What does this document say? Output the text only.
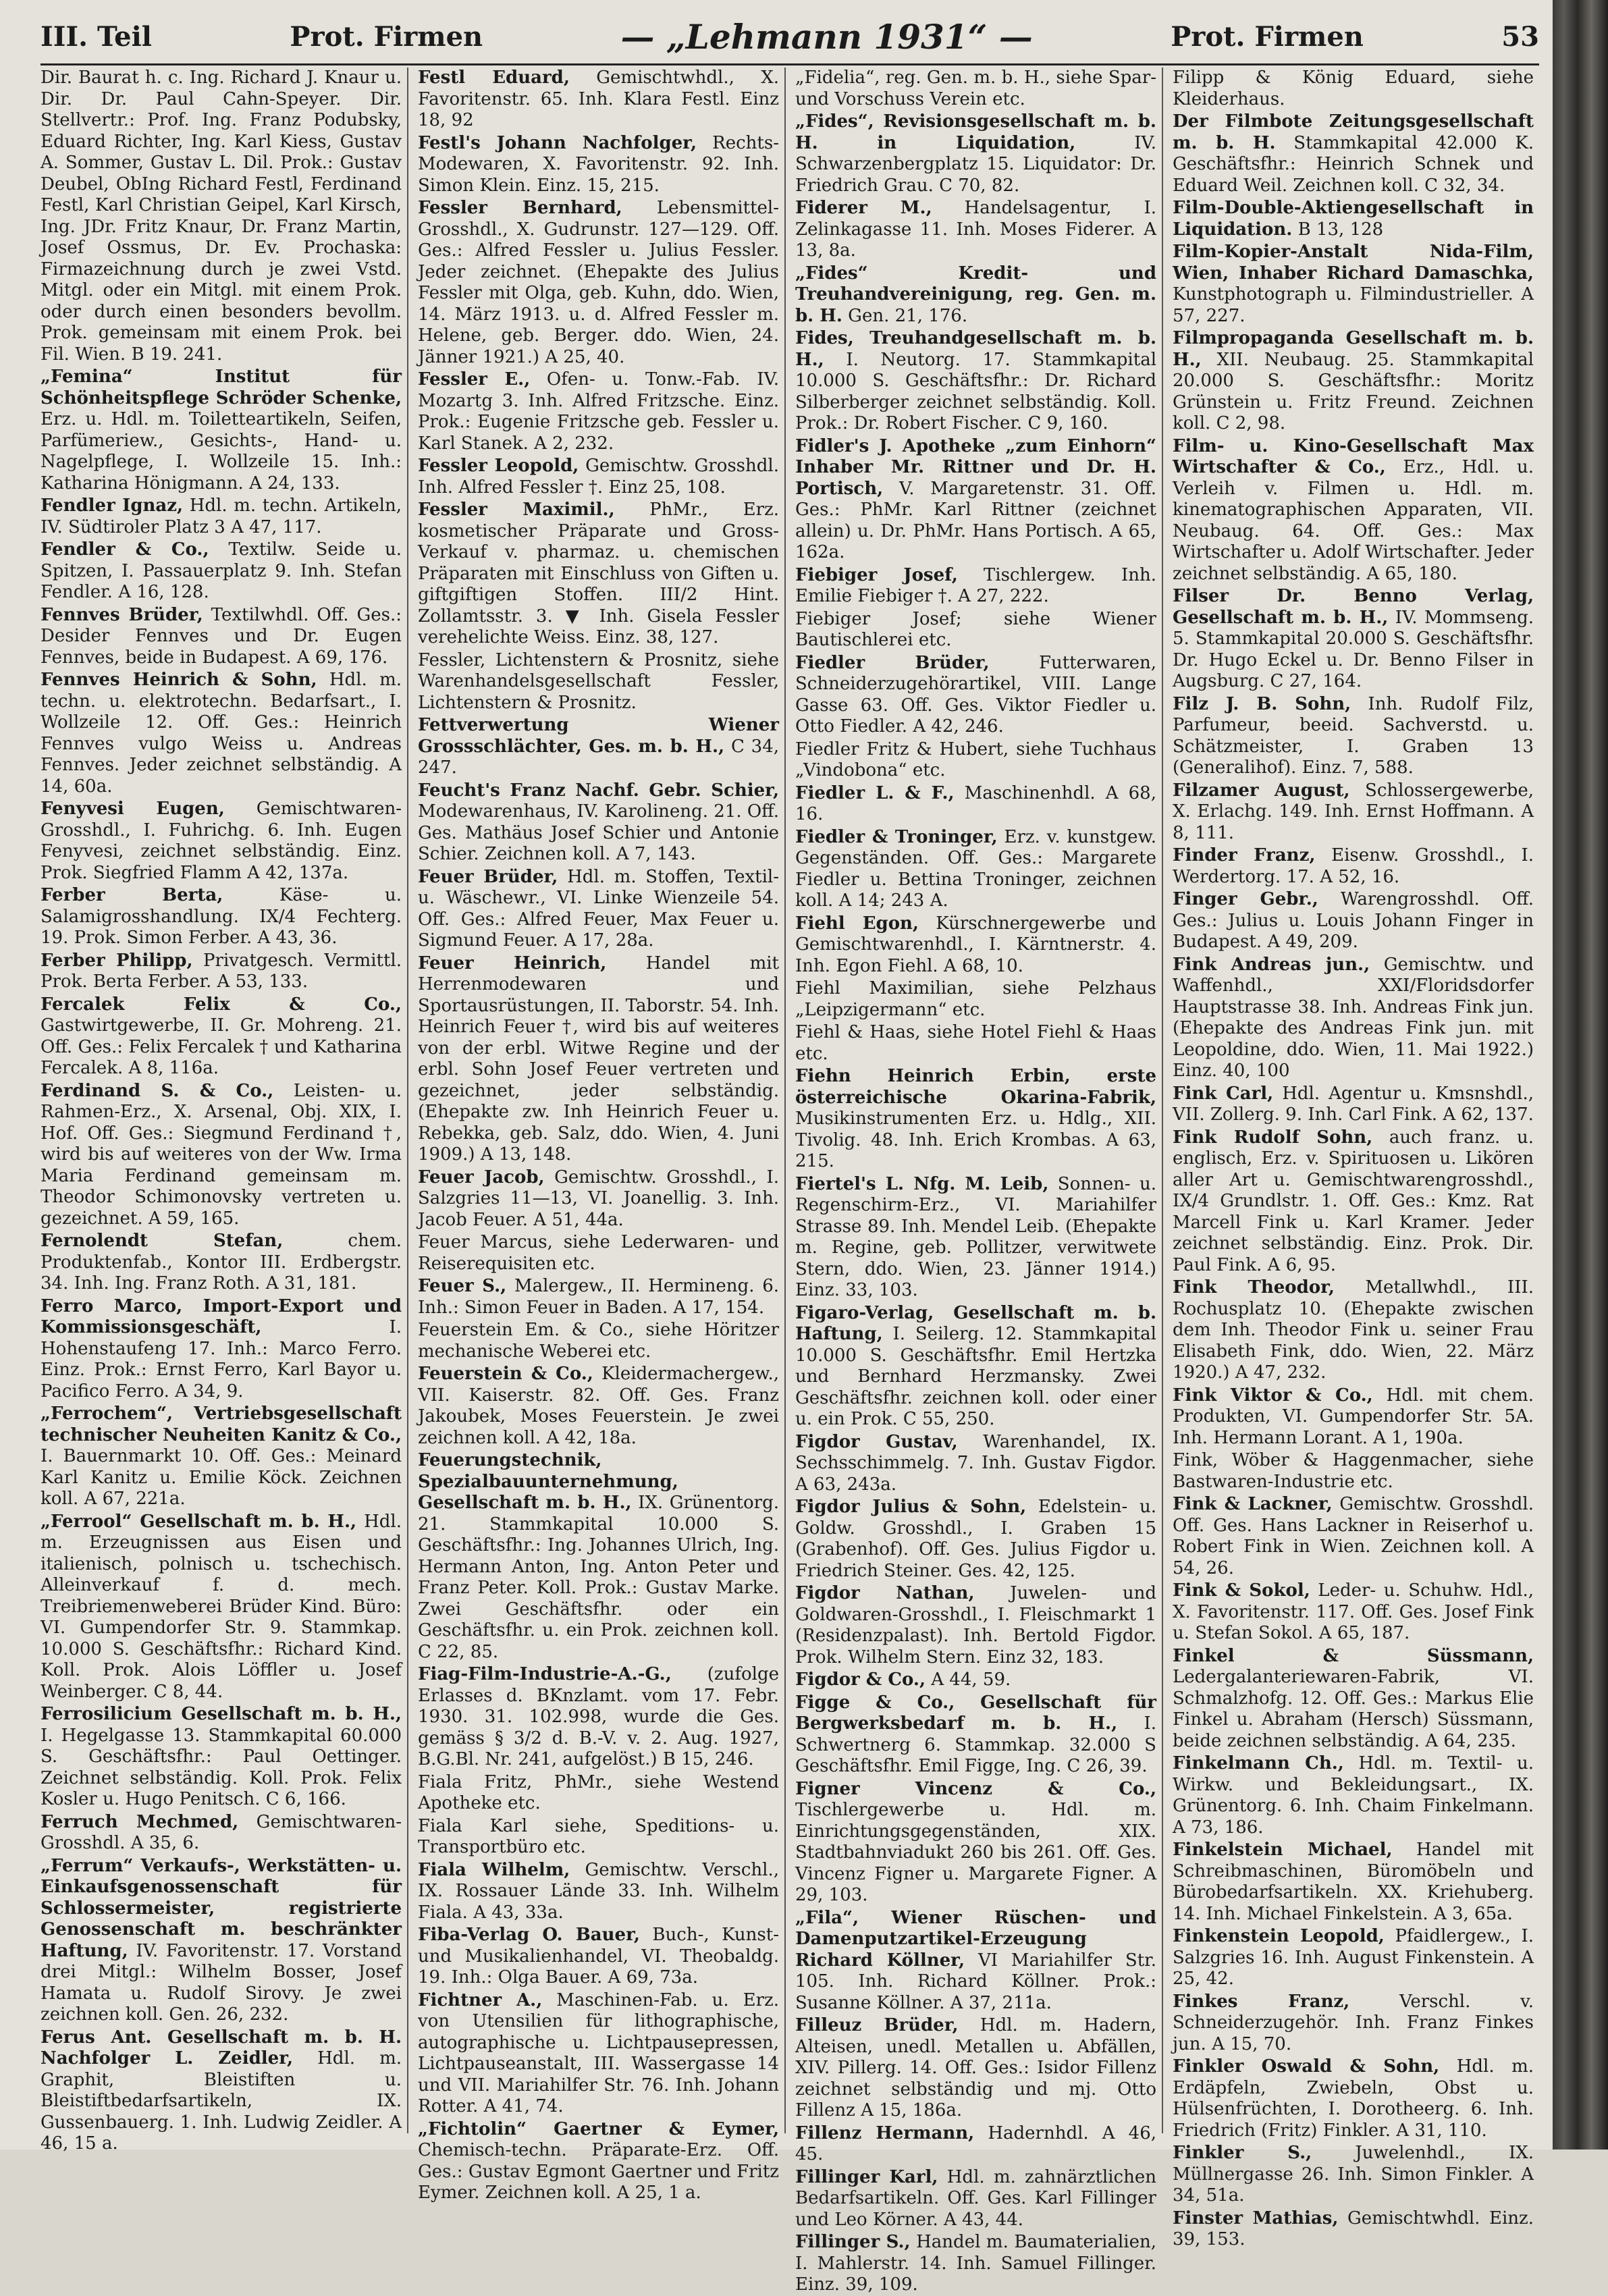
III. Teil	Prot. Firmen	— „Lehmann 1931“ —	Prot. Firmen	53

Dir. Baurat h. c. Ing. Richard J. Knaur u. Dir. Dr. Paul Cahn-Speyer. Dir. Stellvertr.: Prof. Ing. Franz Podubsky, Eduard Richter, Ing. Karl Kiess, Gustav A. Sommer, Gustav L. Dil. Prok.: Gustav Deubel, ObIng Richard Festl, Ferdinand Festl, Karl Christian Geipel, Karl Kirsch, Ing. JDr. Fritz Knaur, Dr. Franz Martin, Josef Ossmus, Dr. Ev. Prochaska: Firmazeichnung durch je zwei Vstd. Mitgl. oder ein Mitgl. mit einem Prok. oder durch einen besonders bevollm. Prok. gemeinsam mit einem Prok. bei Fil. Wien. B 19. 241.

„Femina“ Institut für Schönheitspflege Schröder Schenke, Erz. u. Hdl. m. Toiletteartikeln, Seifen, Parfümeriew., Gesichts-, Hand- u. Nagelpflege, I. Wollzeile 15. Inh.: Katharina Hönigmann. A 24, 133.

Fendler Ignaz, Hdl. m. techn. Artikeln, IV. Südtiroler Platz 3 A 47, 117.

Fendler & Co., Textilw. Seide u. Spitzen, I. Passauerplatz 9. Inh. Stefan Fendler. A 16, 128.

Fennves Brüder, Textilwhdl. Off. Ges.: Desider Fennves und Dr. Eugen Fennves, beide in Budapest. A 69, 176.

Fennves Heinrich & Sohn, Hdl. m. techn. u. elektrotechn. Bedarfsart., I. Wollzeile 12. Off. Ges.: Heinrich Fennves vulgo Weiss u. Andreas Fennves. Jeder zeichnet selbständig. A 14, 60a.

Fenyvesi Eugen, Gemischtwaren-Grosshdl., I. Fuhrichg. 6. Inh. Eugen Fenyvesi, zeichnet selbständig. Einz. Prok. Siegfried Flamm A 42, 137a.

Ferber Berta,	Käse- u. Salamigrosshandlung. IX/4 Fechterg. 19. Prok. Simon Ferber. A 43, 36.

Ferber Philipp, Privatgesch. Vermittl. Prok. Berta Ferber. A 53, 133.

Fercalek Felix & Co., Gastwirtgewerbe, II. Gr. Mohreng. 21. Off. Ges.: Felix Fercalek † und Katharina Fercalek. A 8, 116a.

Ferdinand S. & Co., Leisten- u. Rahmen-Erz., X. Arsenal, Obj. XIX, I. Hof. Off. Ges.: Siegmund Ferdinand †, wird bis auf weiteres von der Ww. Irma Maria Ferdinand gemeinsam m. Theodor Schimonovsky vertreten u. gezeichnet. A 59, 165.

Fernolendt Stefan,	chem. Produktenfab., Kontor III. Erdbergstr. 34. Inh. Ing. Franz Roth. A 31, 181.

Ferro Marco, Import-Export und Kommissionsgeschäft,	I. Hohenstaufeng 17. Inh.: Marco Ferro. Einz. Prok.: Ernst Ferro, Karl Bayor u. Pacifico Ferro. A 34, 9.

„Ferrochem“, Vertriebsgesellschaft technischer Neuheiten Kanitz & Co., I. Bauernmarkt 10. Off. Ges.: Meinard Karl Kanitz u. Emilie Köck. Zeichnen koll. A 67, 221a.

„Ferrool“ Gesellschaft m. b. H., Hdl. m. Erzeugnissen aus Eisen und italienisch, polnisch u. tschechisch. Alleinverkauf f. d. mech. Treibriemenweberei Brüder Kind. Büro: VI. Gumpendorfer Str. 9. Stammkap. 10.000 S. Geschäftsfhr.: Richard Kind. Koll. Prok. Alois Löffler u. Josef Weinberger. C 8, 44.

Ferrosilicium Gesellschaft m. b. H., I. Hegelgasse 13. Stammkapital 60.000 S. Geschäftsfhr.: Paul Oettinger. Zeichnet selbständig. Koll. Prok. Felix Kosler u. Hugo Penitsch. C 6, 166.

Ferruch Mechmed, Gemischtwaren-Grosshdl. A 35, 6.

„Ferrum“ Verkaufs-, Werkstätten- u. Einkaufsgenossenschaft für Schlossermeister, registrierte Genossenschaft m. beschränkter Haftung, IV. Favoritenstr. 17. Vorstand drei Mitgl.: Wilhelm Bosser, Josef Hamata u. Rudolf Sirovy. Je zwei zeichnen koll. Gen. 26, 232.

Ferus Ant. Gesellschaft m. b. H. Nachfolger L. Zeidler, Hdl. m. Graphit, Bleistiften u. Bleistiftbedarfsartikeln, IX. Gussenbauerg. 1. Inh. Ludwig Zeidler. A 46, 15 a.

Festl Eduard, Gemischtwhdl., X. Favoritenstr. 65. Inh. Klara Festl. Einz 18, 92

Festl's Johann Nachfolger, Rechts-Modewaren, X. Favoritenstr. 92. Inh. Simon Klein. Einz. 15, 215.

Fessler Bernhard, Lebensmittel-Grosshdl., X. Gudrunstr. 127—129. Off. Ges.: Alfred Fessler u. Julius Fessler. Jeder zeichnet. (Ehepakte des Julius Fessler mit Olga, geb. Kuhn, ddo. Wien, 14. März 1913. u. d. Alfred Fessler m. Helene, geb. Berger. ddo. Wien, 24. Jänner 1921.) A 25, 40.

Fessler E., Ofen- u. Tonw.-Fab. IV. Mozartg 3. Inh. Alfred Fritzsche. Einz. Prok.: Eugenie Fritzsche geb. Fessler u. Karl Stanek. A 2, 232.

Fessler Leopold, Gemischtw. Grosshdl. Inh. Alfred Fessler †. Einz 25, 108.

Fessler Maximil., PhMr., Erz. kosmetischer Präparate und Gross-Verkauf v. pharmaz. u. chemischen Präparaten mit Einschluss von Giften u. giftgiftigen Stoffen. III/2 Hint. Zollamtsstr. 3. ▼ Inh. Gisela Fessler verehelichte Weiss. Einz. 38, 127.

Fessler, Lichtenstern & Prosnitz, siehe Warenhandelsgesellschaft Fessler, Lichtenstern & Prosnitz.

Fettverwertung Wiener Grossschlächter, Ges. m. b. H., C 34, 247.

Feucht's Franz Nachf. Gebr. Schier, Modewarenhaus, IV. Karolineng. 21. Off. Ges. Mathäus Josef Schier und Antonie Schier. Zeichnen koll. A 7, 143.

Feuer Brüder, Hdl. m. Stoffen, Textil- u. Wäschewr., VI. Linke Wienzeile 54. Off. Ges.: Alfred Feuer, Max Feuer u. Sigmund Feuer. A 17, 28a.

Feuer Heinrich, Handel mit Herrenmodewaren und Sportausrüstungen, II. Taborstr. 54. Inh. Heinrich Feuer †, wird bis auf weiteres von der erbl. Witwe Regine und der erbl. Sohn Josef Feuer vertreten und gezeichnet, jeder selbständig. (Ehepakte zw. Inh Heinrich Feuer u. Rebekka, geb. Salz, ddo. Wien, 4. Juni 1909.) A 13, 148.

Feuer Jacob, Gemischtw. Grosshdl., I. Salzgries 11—13, VI. Joanellig. 3. Inh. Jacob Feuer. A 51, 44a.

Feuer Marcus, siehe Lederwaren- und Reiserequisiten etc.

Feuer S., Malergew., II. Hermineng. 6. Inh.: Simon Feuer in Baden. A 17, 154.

Feuerstein Em. & Co., siehe Höritzer mechanische Weberei etc.

Feuerstein & Co., Kleidermachergew., VII. Kaiserstr. 82. Off. Ges. Franz Jakoubek, Moses Feuerstein. Je zwei zeichnen koll. A 42, 18a.

Feuerungstechnik, Spezialbauunternehmung, Gesellschaft m. b. H., IX. Grünentorg. 21. Stammkapital 10.000 S. Geschäftsfhr.: Ing. Johannes Ulrich, Ing. Hermann Anton, Ing. Anton Peter und Franz Peter. Koll. Prok.: Gustav Marke. Zwei Geschäftsfhr. oder ein Geschäftsfhr. u. ein Prok. zeichnen koll. C 22, 85.

Fiag-Film-Industrie-A.-G., (zufolge Erlasses d. BKnzlamt. vom 17. Febr. 1930. 31. 102.998, wurde die Ges. gemäss § 3/2 d. B.-V. v. 2. Aug. 1927, B.G.Bl. Nr. 241, aufgelöst.) B 15, 246.

Fiala Fritz, PhMr., siehe Westend Apotheke etc.

Fiala Karl siehe, Speditions- u. Transportbüro etc.

Fiala Wilhelm, Gemischtw. Verschl., IX. Rossauer Lände 33. Inh. Wilhelm Fiala. A 43, 33a.

Fiba-Verlag O. Bauer, Buch-, Kunst- und Musikalienhandel, VI. Theobaldg. 19. Inh.: Olga Bauer. A 69, 73a.

Fichtner A., Maschinen-Fab. u. Erz. von Utensilien für lithographische, autographische u. Lichtpausepressen, Lichtpauseanstalt, III. Wassergasse 14 und VII. Mariahilfer Str. 76. Inh. Johann Rotter. A 41, 74.

„Fichtolin“ Gaertner & Eymer, Chemisch-techn. Präparate-Erz. Off. Ges.: Gustav Egmont Gaertner und Fritz Eymer. Zeichnen koll. A 25, 1 a.

„Fidelia“, reg. Gen. m. b. H., siehe Spar- und Vorschuss Verein etc.

„Fides“, Revisionsgesellschaft m. b. H. in Liquidation,	IV. Schwarzenbergplatz 15. Liquidator: Dr. Friedrich Grau. C 70, 82.

Fiderer M., Handelsagentur, I. Zelinkagasse 11. Inh. Moses Fiderer. A 13, 8a.

„Fides“ Kredit- und Treuhandvereinigung, reg. Gen. m. b. H. Gen. 21, 176.

Fides, Treuhandgesellschaft m. b. H., I. Neutorg. 17. Stammkapital 10.000 S. Geschäftsfhr.: Dr. Richard Silberberger zeichnet selbständig. Koll. Prok.: Dr. Robert Fischer. C 9, 160.

Fidler's J. Apotheke „zum Einhorn“ Inhaber Mr. Rittner und Dr. H. Portisch, V. Margaretenstr. 31. Off. Ges.: PhMr. Karl Rittner (zeichnet allein) u. Dr. PhMr. Hans Portisch. A 65, 162a.

Fiebiger Josef, Tischlergew. Inh. Emilie Fiebiger †. A 27, 222.

Fiebiger Josef; siehe Wiener Bautischlerei etc.

Fiedler Brüder,	Futterwaren, Schneiderzugehörartikel, VIII. Lange Gasse 63. Off. Ges. Viktor Fiedler u. Otto Fiedler. A 42, 246.

Fiedler Fritz & Hubert, siehe Tuchhaus „Vindobona“ etc.

Fiedler L. & F., Maschinenhdl. A 68, 16.

Fiedler & Troninger, Erz. v. kunstgew. Gegenständen. Off. Ges.: Margarete Fiedler u. Bettina Troninger, zeichnen koll. A 14; 243 A.

Fiehl Egon, Kürschnergewerbe und Gemischtwarenhdl., I. Kärntnerstr. 4. Inh. Egon Fiehl. A 68, 10.

Fiehl Maximilian, siehe Pelzhaus „Leipzigermann“ etc.

Fiehl & Haas, siehe Hotel Fiehl & Haas etc.

Fiehn Heinrich Erbin, erste österreichische Okarina-Fabrik, Musikinstrumenten Erz. u. Hdlg., XII. Tivolig. 48. Inh. Erich Krombas. A 63, 215.

Fiertel's L. Nfg. M. Leib, Sonnen- u. Regenschirm-Erz., VI. Mariahilfer Strasse 89. Inh. Mendel Leib. (Ehepakte m. Regine, geb. Pollitzer, verwitwete Stern, ddo. Wien, 23. Jänner 1914.) Einz. 33, 103.

Figaro-Verlag, Gesellschaft m. b. Haftung, I. Seilerg. 12. Stammkapital 10.000 S. Geschäftsfhr. Emil Hertzka und Bernhard Herzmansky. Zwei Geschäftsfhr. zeichnen koll. oder einer u. ein Prok. C 55, 250.

Figdor Gustav, Warenhandel, IX. Sechsschimmelg. 7. Inh. Gustav Figdor. A 63, 243a.

Figdor Julius & Sohn, Edelstein- u. Goldw. Grosshdl., I. Graben 15 (Grabenhof). Off. Ges. Julius Figdor u. Friedrich Steiner. Ges. 42, 125.

Figdor Nathan, Juwelen- und Goldwaren-Grosshdl., I. Fleischmarkt 1 (Residenzpalast). Inh. Bertold Figdor. Prok. Wilhelm Stern. Einz 32, 183.

Figdor & Co., A 44, 59.

Figge & Co., Gesellschaft für Bergwerksbedarf m. b. H., I. Schwertnerg 6. Stammkap. 32.000 S Geschäftsfhr. Emil Figge, Ing. C 26, 39.

Figner Vincenz & Co., Tischlergewerbe u. Hdl. m. Einrichtungsgegenständen, XIX. Stadtbahnviadukt 260 bis 261. Off. Ges. Vincenz Figner u. Margarete Figner. A 29, 103.

„Fila“, Wiener Rüschen- und Damenputzartikel-Erzeugung Richard Köllner, VI Mariahilfer Str. 105. Inh. Richard Köllner. Prok.: Susanne Köllner. A 37, 211a.

Filleuz Brüder, Hdl. m. Hadern, Alteisen, unedl. Metallen u. Abfällen, XIV. Pillerg. 14. Off. Ges.: Isidor Fillenz zeichnet selbständig und mj. Otto Fillenz A 15, 186a.

Fillenz Hermann, Hadernhdl. A 46, 45.

Fillinger Karl, Hdl. m. zahnärztlichen Bedarfsartikeln. Off. Ges. Karl Fillinger und Leo Körner. A 43, 44.

Fillinger S., Handel m. Baumaterialien, I. Mahlerstr. 14. Inh. Samuel Fillinger. Einz. 39, 109.

Filipp & König Eduard, siehe Kleiderhaus.

Der Filmbote Zeitungsgesellschaft m. b. H. Stammkapital 42.000 K. Geschäftsfhr.: Heinrich Schnek und Eduard Weil. Zeichnen koll. C 32, 34.

Film-Double-Aktiengesellschaft in Liquidation. B 13, 128

Film-Kopier-Anstalt Nida-Film, Wien, Inhaber Richard Damaschka, Kunstphotograph u. Filmindustrieller. A 57, 227.

Filmpropaganda Gesellschaft m. b. H., XII. Neubaug. 25. Stammkapital 20.000 S. Geschäftsfhr.: Moritz Grünstein u. Fritz Freund. Zeichnen koll. C 2, 98.

Film- u. Kino-Gesellschaft Max Wirtschafter & Co., Erz., Hdl. u. Verleih v. Filmen u. Hdl. m. kinematographischen Apparaten, VII. Neubaug. 64. Off. Ges.: Max Wirtschafter u. Adolf Wirtschafter. Jeder zeichnet selbständig. A 65, 180.

Filser Dr. Benno Verlag, Gesellschaft m. b. H., IV. Mommseng. 5. Stammkapital 20.000 S. Geschäftsfhr. Dr. Hugo Eckel u. Dr. Benno Filser in Augsburg. C 27, 164.

Filz J. B. Sohn, Inh. Rudolf Filz, Parfumeur, beeid. Sachverstd. u. Schätzmeister, I. Graben 13 (Generalihof). Einz. 7, 588.

Filzamer August, Schlossergewerbe, X. Erlachg. 149. Inh. Ernst Hoffmann. A 8, 111.

Finder Franz, Eisenw. Grosshdl., I. Werdertorg. 17. A 52, 16.

Finger Gebr., Warengrosshdl. Off. Ges.: Julius u. Louis Johann Finger in Budapest. A 49, 209.

Fink Andreas jun., Gemischtw. und Waffenhdl., XXI/Floridsdorfer Hauptstrasse 38. Inh. Andreas Fink jun. (Ehepakte des Andreas Fink jun. mit Leopoldine, ddo. Wien, 11. Mai 1922.) Einz. 40, 100

Fink Carl, Hdl. Agentur u. Kmsnshdl., VII. Zollerg. 9. Inh. Carl Fink. A 62, 137.

Fink Rudolf Sohn, auch franz. u. englisch, Erz. v. Spirituosen u. Likören aller Art u. Gemischtwarengrosshdl., IX/4 Grundlstr. 1. Off. Ges.: Kmz. Rat Marcell Fink u. Karl Kramer. Jeder zeichnet selbständig. Einz. Prok. Dir. Paul Fink. A 6, 95.

Fink Theodor, Metallwhdl., III. Rochusplatz 10. (Ehepakte zwischen dem Inh. Theodor Fink u. seiner Frau Elisabeth Fink, ddo. Wien, 22. März 1920.) A 47, 232.

Fink Viktor & Co., Hdl. mit chem. Produkten, VI. Gumpendorfer Str. 5A. Inh. Hermann Lorant. A 1, 190a.

Fink, Wöber & Haggenmacher, siehe Bastwaren-Industrie etc.

Fink & Lackner, Gemischtw. Grosshdl. Off. Ges. Hans Lackner in Reiserhof u. Robert Fink in Wien. Zeichnen koll. A 54, 26.

Fink & Sokol, Leder- u. Schuhw. Hdl., X. Favoritenstr. 117. Off. Ges. Josef Fink u. Stefan Sokol. A 65, 187.

Finkel & Süssmann, Ledergalanteriewaren-Fabrik, VI. Schmalzhofg. 12. Off. Ges.: Markus Elie Finkel u. Abraham (Hersch) Süssmann, beide zeichnen selbständig. A 64, 235.

Finkelmann Ch., Hdl. m. Textil- u. Wirkw. und Bekleidungsart., IX. Grünentorg. 6. Inh. Chaim Finkelmann. A 73, 186.

Finkelstein Michael, Handel mit Schreibmaschinen, Büromöbeln und Bürobedarfsartikeln. XX. Kriehuberg. 14. Inh. Michael Finkelstein. A 3, 65a.

Finkenstein Leopold, Pfaidlergew., I. Salzgries 16. Inh. August Finkenstein. A 25, 42.

Finkes Franz,	Verschl. v. Schneiderzugehör. Inh. Franz Finkes jun. A 15, 70.

Finkler Oswald & Sohn, Hdl. m. Erdäpfeln, Zwiebeln, Obst u. Hülsenfrüchten, I. Dorotheerg. 6. Inh. Friedrich (Fritz) Finkler. A 31, 110.

Finkler S., Juwelenhdl., IX. Müllnergasse 26. Inh. Simon Finkler. A 34, 51a.

Finster Mathias, Gemischtwhdl. Einz. 39, 153.
